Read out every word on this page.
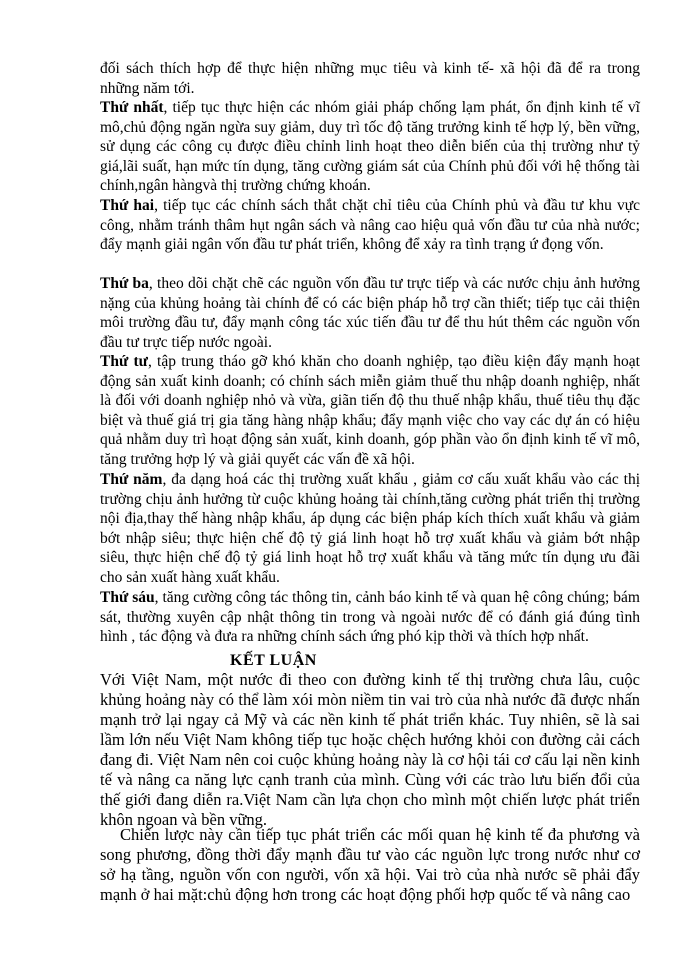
đối sách thích hợp để thực hiện những mục tiêu và kinh tế- xã hội đã để ra trong những năm tới.

Thứ nhất, tiếp tục thực hiện các nhóm giải pháp chống lạm phát, ổn định kinh tế vĩ mô,chủ động ngăn ngừa suy giảm, duy trì tốc độ tăng trưởng kinh tế hợp lý, bền vững, sử dụng các công cụ được điều chỉnh linh hoạt theo diễn biến của thị trường như tỷ giá,lãi suất, hạn mức tín dụng, tăng cường giám sát của Chính phủ đối với hệ thống tài chính,ngân hàngvà thị trường chứng khoán.

Thứ hai, tiếp tục các chính sách thắt chặt chỉ tiêu của Chính phủ và đầu tư khu vực công, nhằm tránh thâm hụt ngân sách và nâng cao hiệu quả vốn đầu tư của nhà nước; đẩy mạnh giải ngân vốn đầu tư phát triển, không để xảy ra tình trạng ứ đọng vốn.

Thứ ba, theo dõi chặt chẽ các nguồn vốn đầu tư trực tiếp và các nước chịu ảnh hưởng nặng của khủng hoảng tài chính để có các biện pháp hỗ trợ cần thiết; tiếp tục cải thiện môi trường đầu tư, đẩy mạnh công tác xúc tiến đầu tư để thu hút thêm các nguồn vốn đầu tư trực tiếp nước ngoài.

Thứ tư, tập trung tháo gỡ khó khăn cho doanh nghiệp, tạo điều kiện đẩy mạnh hoạt động sản xuất kinh doanh; có chính sách miễn giảm thuế thu nhập doanh nghiệp, nhất là đối với doanh nghiệp nhỏ và vừa, giãn tiến độ thu thuế nhập khẩu, thuế tiêu thụ đặc biệt và thuế giá trị gia tăng hàng nhập khẩu; đẩy mạnh việc cho vay các dự án có hiệu quả nhằm duy trì hoạt động sản xuất, kinh doanh, góp phần vào ổn định kinh tế vĩ mô, tăng trưởng hợp lý và giải quyết các vấn đề xã hội.

Thứ năm, đa dạng hoá các thị trường xuất khẩu , giảm cơ cấu xuất khẩu vào các thị trường chịu ảnh hưởng từ cuộc khủng hoảng tài chính,tăng cường phát triển thị trường nội địa,thay thế hàng nhập khẩu, áp dụng các biện pháp kích thích xuất khẩu và giảm bớt nhập siêu; thực hiện chế độ tỷ giá linh hoạt hỗ trợ xuất khẩu và giảm bớt nhập siêu, thực hiện chế độ tỷ giá linh hoạt hỗ trợ xuất khẩu và tăng mức tín dụng ưu đãi cho sản xuất hàng xuất khẩu.

Thứ sáu, tăng cường công tác thông tin, cảnh báo kinh tế và quan hệ công chúng; bám sát, thường xuyên cập nhật thông tin trong và ngoài nước để có đánh giá đúng tình hình , tác động và đưa ra những chính sách ứng phó kịp thời và thích hợp nhất.

KẾT LUẬN

Với Việt Nam, một nước đi theo con đường kinh tế thị trường chưa lâu, cuộc khủng hoảng này có thể làm xói mòn niềm tin vai trò của nhà nước đã được nhấn mạnh trở lại ngay cả Mỹ và các nền kinh tế phát triển khác. Tuy nhiên, sẽ là sai lầm lớn nếu Việt Nam không tiếp tục hoặc chệch hướng khỏi con đường cải cách đang đi. Việt Nam nên coi cuộc khủng hoảng này là cơ hội tái cơ cấu lại nền kinh tế và nâng ca năng lực cạnh tranh của mình. Cùng với các trào lưu biến đổi của thế giới đang diễn ra.Việt Nam cần lựa chọn cho mình một chiến lược phát triển khôn ngoan và bền vững.

Chiến lược này cần tiếp tục phát triển các mối quan hệ kinh tế đa phương và song phương, đồng thời đẩy mạnh đầu tư vào các nguồn lực trong nước như cơ sở hạ tầng, nguồn vốn con người, vốn xã hội. Vai trò của nhà nước sẽ phải đẩy mạnh ở hai mặt:chủ động hơn trong các hoạt động phối hợp quốc tế và nâng cao
